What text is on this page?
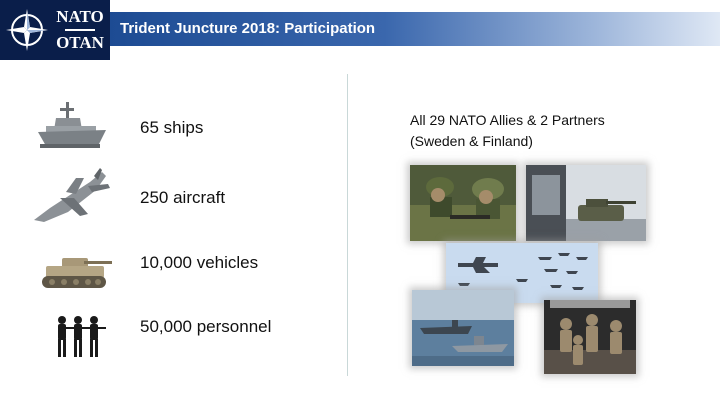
NATO
OTAN
Trident Juncture 2018: Participation
65 ships
250 aircraft
10,000 vehicles
50,000 personnel
All 29 NATO Allies & 2 Partners
(Sweden & Finland)
